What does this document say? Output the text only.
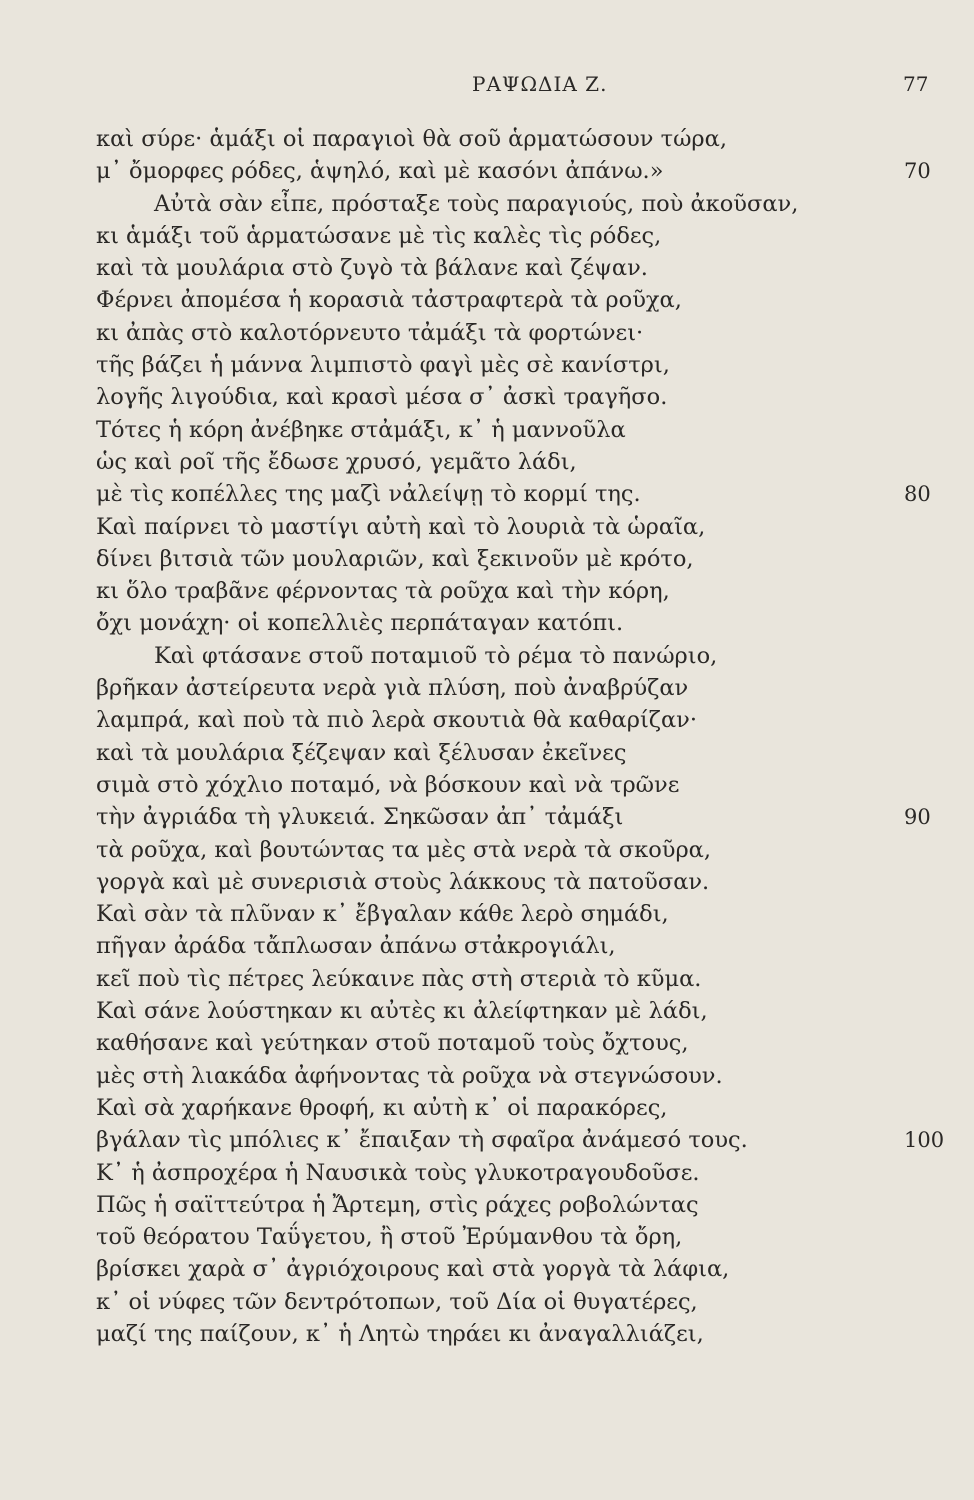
ΡΑΨΩΔΙΑ Ζ.	77
καὶ σύρε· ἁμάξι οἱ παραγιοὶ θὰ σοῦ ἁρματώσουν τώρα,
μ᾿ ὄμορφες ρόδες, ἁψηλό, καὶ μὲ κασόνι ἀπάνω.»	70
Αὐτὰ σὰν εἶπε, πρόσταξε τοὺς παραγιούς, ποὺ ἀκοῦσαν,
κι ἁμάξι τοῦ ἁρματώσανε μὲ τὶς καλὲς τὶς ρόδες,
καὶ τὰ μουλάρια στὸ ζυγὸ τὰ βάλανε καὶ ζέψαν.
Φέρνει ἀπομέσα ἡ κορασιὰ τἀστραφτερὰ τὰ ροῦχα,
κι ἀπὰς στὸ καλοτόρνευτο τἀμάξι τὰ φορτώνει·
τῆς βάζει ἡ μάννα λιμπιστὸ φαγὶ μὲς σὲ κανίστρι,
λογῆς λιγούδια, καὶ κρασὶ μέσα σ᾿ ἀσκὶ τραγῆσο.
Τότες ἡ κόρη ἀνέβηκε στἀμάξι, κ᾿ ἡ μαννοῦλα
ὡς καὶ ροῖ τῆς ἔδωσε χρυσό, γεμᾶτο λάδι,
μὲ τὶς κοπέλλες της μαζὶ νἀλείψῃ τὸ κορμί της.	80
Καὶ παίρνει τὸ μαστίγι αὐτὴ καὶ τὸ λουριὰ τὰ ὡραῖα,
δίνει βιτσιὰ τῶν μουλαριῶν, καὶ ξεκινοῦν μὲ κρότο,
κι ὅλο τραβᾶνε φέρνοντας τὰ ροῦχα καὶ τὴν κόρη,
ὄχι μονάχη· οἱ κοπελλιὲς περπάταγαν κατόπι.
Καὶ φτάσανε στοῦ ποταμιοῦ τὸ ρέμα τὸ πανώριο,
βρῆκαν ἀστείρευτα νερὰ γιὰ πλύση, ποὺ ἀναβρύζαν
λαμπρά, καὶ ποὺ τὰ πιὸ λερὰ σκουτιὰ θὰ καθαρίζαν·
καὶ τὰ μουλάρια ξέζεψαν καὶ ξέλυσαν ἐκεῖνες
σιμὰ στὸ χόχλιο ποταμό, νὰ βόσκουν καὶ νὰ τρῶνε
τὴν ἀγριάδα τὴ γλυκειά. Σηκῶσαν ἀπ᾿ τἀμάξι	90
τὰ ροῦχα, καὶ βουτώντας τα μὲς στὰ νερὰ τὰ σκοῦρα,
γοργὰ καὶ μὲ συνερισιὰ στοὺς λάκκους τὰ πατοῦσαν.
Καὶ σὰν τὰ πλῦναν κ᾿ ἔβγαλαν κάθε λερὸ σημάδι,
πῆγαν ἀράδα τἄπλωσαν ἀπάνω στἀκρογιάλι,
κεῖ ποὺ τὶς πέτρες λεύκαινε πὰς στὴ στεριὰ τὸ κῦμα.
Καὶ σάνε λούστηκαν κι αὐτὲς κι ἀλείφτηκαν μὲ λάδι,
καθήσανε καὶ γεύτηκαν στοῦ ποταμοῦ τοὺς ὄχτους,
μὲς στὴ λιακάδα ἀφήνοντας τὰ ροῦχα νὰ στεγνώσουν.
Καὶ σὰ χαρήκανε θροφή, κι αὐτὴ κ᾿ οἱ παρακόρες,
βγάλαν τὶς μπόλιες κ᾿ ἔπαιξαν τὴ σφαῖρα ἀνάμεσό τους.	100
Κ᾿ ἡ ἀσπροχέρα ἡ Ναυσικὰ τοὺς γλυκοτραγουδοῦσε.
Πῶς ἡ σαϊττεύτρα ἡ Ἄρτεμη, στὶς ράχες ροβολώντας
τοῦ θεόρατου Ταΰγετου, ἢ στοῦ Ἐρύμανθου τὰ ὄρη,
βρίσκει χαρὰ σ᾿ ἀγριόχοιρους καὶ στὰ γοργὰ τὰ λάφια,
κ᾿ οἱ νύφες τῶν δεντρότοπων, τοῦ Δία οἱ θυγατέρες,
μαζί της παίζουν, κ᾿ ἡ Λητὼ τηράει κι ἀναγαλλιάζει,
